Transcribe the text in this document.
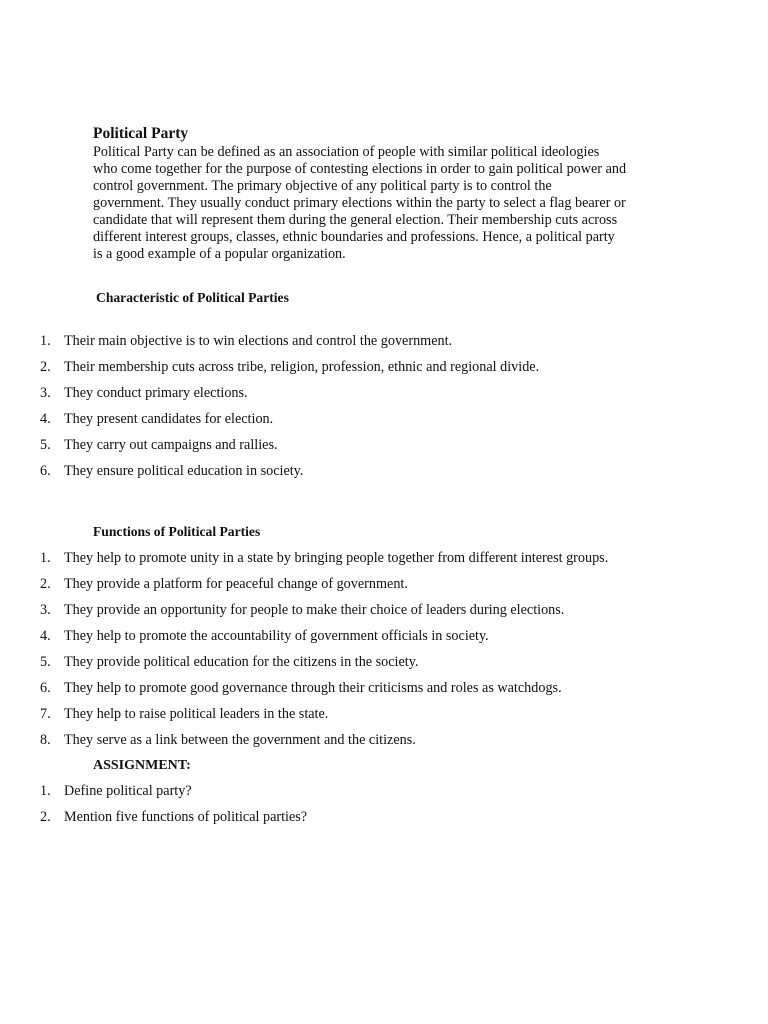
Political Party
Political Party can be defined as an association of people with similar political ideologies
who come together for the purpose of contesting elections in order to gain political power and
control government. The primary objective of any political party is to control the
government. They usually conduct primary elections within the party to select a flag bearer or
candidate that will represent them during the general election. Their membership cuts across
different interest groups, classes, ethnic boundaries and professions. Hence, a political party
is a good example of a popular organization.
Characteristic of Political Parties
1. Their main objective is to win elections and control the government.
2. Their membership cuts across tribe, religion, profession, ethnic and regional divide.
3. They conduct primary elections.
4. They present candidates for election.
5. They carry out campaigns and rallies.
6. They ensure political education in society.
Functions of Political Parties
1. They help to promote unity in a state by bringing people together from different interest groups.
2. They provide a platform for peaceful change of government.
3. They provide an opportunity for people to make their choice of leaders during elections.
4. They help to promote the accountability of government officials in society.
5. They provide political education for the citizens in the society.
6. They help to promote good governance through their criticisms and roles as watchdogs.
7. They help to raise political leaders in the state.
8. They serve as a link between the government and the citizens.
ASSIGNMENT:
1. Define political party?
2. Mention five functions of political parties?
